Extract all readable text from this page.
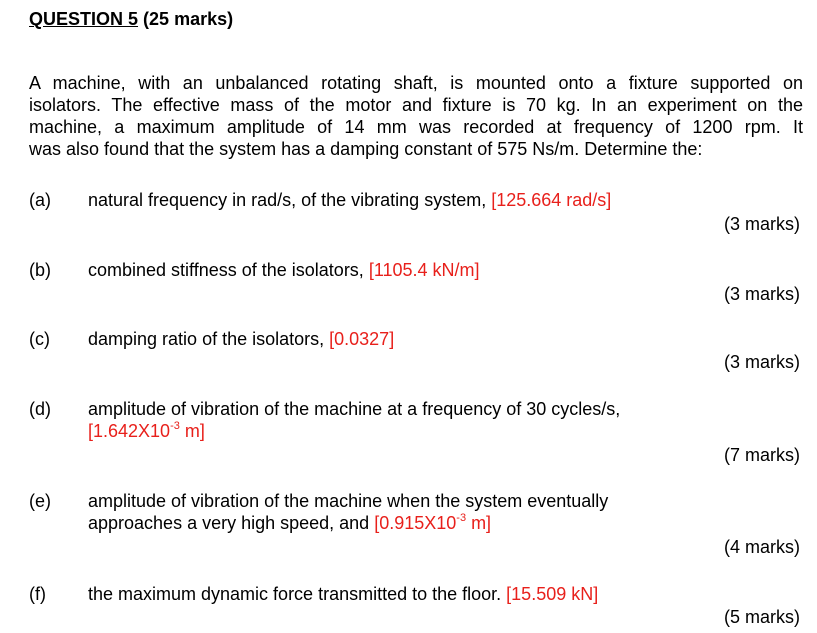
QUESTION 5 (25 marks)
A machine, with an unbalanced rotating shaft, is mounted onto a fixture supported on
isolators. The effective mass of the motor and fixture is 70 kg. In an experiment on the
machine, a maximum amplitude of 14 mm was recorded at frequency of 1200 rpm. It
was also found that the system has a damping constant of 575 Ns/m. Determine the:
(a) natural frequency in rad/s, of the vibrating system, [125.664 rad/s]
(3 marks)
(b) combined stiffness of the isolators, [1105.4 kN/m]
(3 marks)
(c) damping ratio of the isolators, [0.0327]
(3 marks)
(d) amplitude of vibration of the machine at a frequency of 30 cycles/s,
[$1.642X10^{-3}$ m]
(7 marks)
(e) amplitude of vibration of the machine when the system eventually
approaches a very high speed, and [$0.915X10^{-3}$ m]
(4 marks)
(f) the maximum dynamic force transmitted to the floor. [15.509 kN]
(5 marks)
